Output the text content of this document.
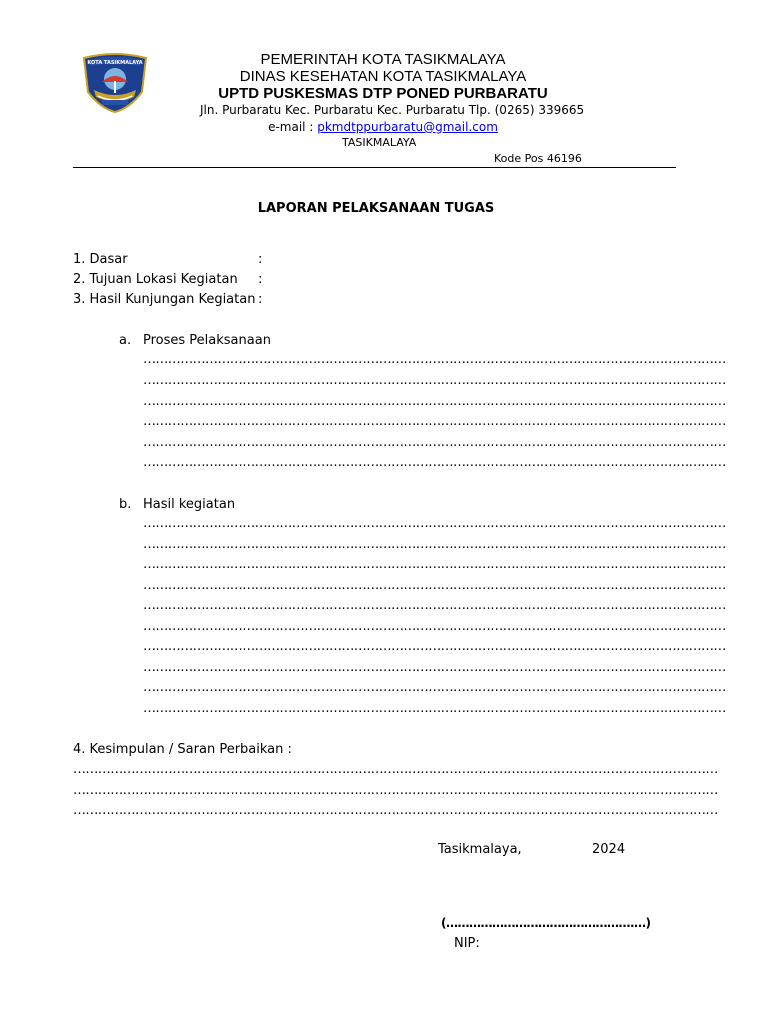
KOTA TASIKMALAYA	PEMERINTAH KOTA TASIKMALAYA
DINAS KESEHATAN KOTA TASIKMALAYA
UPTD PUSKESMAS DTP PONED PURBARATU
Jln. Purbaratu Kec. Purbaratu Kec. Purbaratu Tlp. (0265) 339665
e-mail : pkmdtppurbaratu@gmail.com
TASIKMALAYA
Kode Pos 46196
LAPORAN PELAKSANAAN TUGAS
1. Dasar	:
2. Tujuan Lokasi Kegiatan :
3. Hasil Kunjungan Kegiatan :
a. Proses Pelaksanaan
……………………………………………………………………………………………………………………………
……………………………………………………………………………………………………………………………
……………………………………………………………………………………………………………………………
……………………………………………………………………………………………………………………………
……………………………………………………………………………………………………………………………
……………………………………………………………………………………………………………………………
b. Hasil kegiatan
……………………………………………………………………………………………………………………………
……………………………………………………………………………………………………………………………
……………………………………………………………………………………………………………………………
……………………………………………………………………………………………………………………………
……………………………………………………………………………………………………………………………
……………………………………………………………………………………………………………………………
……………………………………………………………………………………………………………………………
……………………………………………………………………………………………………………………………
……………………………………………………………………………………………………………………………
……………………………………………………………………………………………………………………………
4. Kesimpulan / Saran Perbaikan :
…………………………………………………………………………………………………………………………………………
…………………………………………………………………………………………………………………………………………
…………………………………………………………………………………………………………………………………………
Tasikmalaya,	2024
(………………………………………….…)
NIP:
